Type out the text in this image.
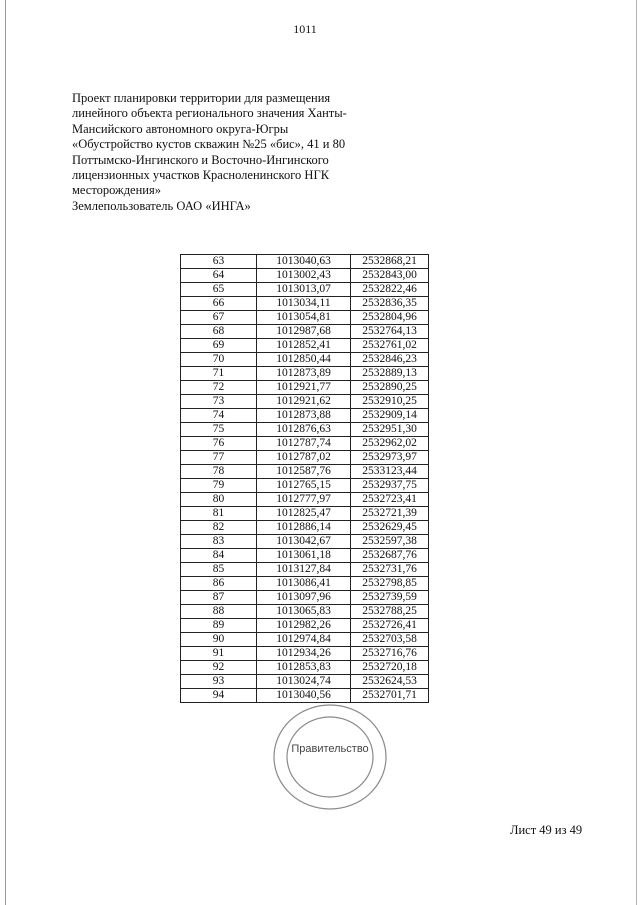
1011
Проект планировки территории для размещения
линейного объекта регионального значения Ханты-
Мансийского автономного округа-Югры
«Обустройство кустов скважин №25 «бис», 41 и 80
Поттымско-Ингинского и Восточно-Ингинского
лицензионных участков Красноленинского НГК
месторождения»
Землепользователь ОАО «ИНГА»
63	1013040,63	2532868,21
64	1013002,43	2532843,00
65	1013013,07	2532822,46
66	1013034,11	2532836,35
67	1013054,81	2532804,96
68	1012987,68	2532764,13
69	1012852,41	2532761,02
70	1012850,44	2532846,23
71	1012873,89	2532889,13
72	1012921,77	2532890,25
73	1012921,62	2532910,25
74	1012873,88	2532909,14
75	1012876,63	2532951,30
76	1012787,74	2532962,02
77	1012787,02	2532973,97
78	1012587,76	2533123,44
79	1012765,15	2532937,75
80	1012777,97	2532723,41
81	1012825,47	2532721,39
82	1012886,14	2532629,45
83	1013042,67	2532597,38
84	1013061,18	2532687,76
85	1013127,84	2532731,76
86	1013086,41	2532798,85
87	1013097,96	2532739,59
88	1013065,83	2532788,25
89	1012982,26	2532726,41
90	1012974,84	2532703,58
91	1012934,26	2532716,76
92	1012853,83	2532720,18
93	1013024,74	2532624,53
94	1013040,56	2532701,71
Правительство
Лист 49 из 49
